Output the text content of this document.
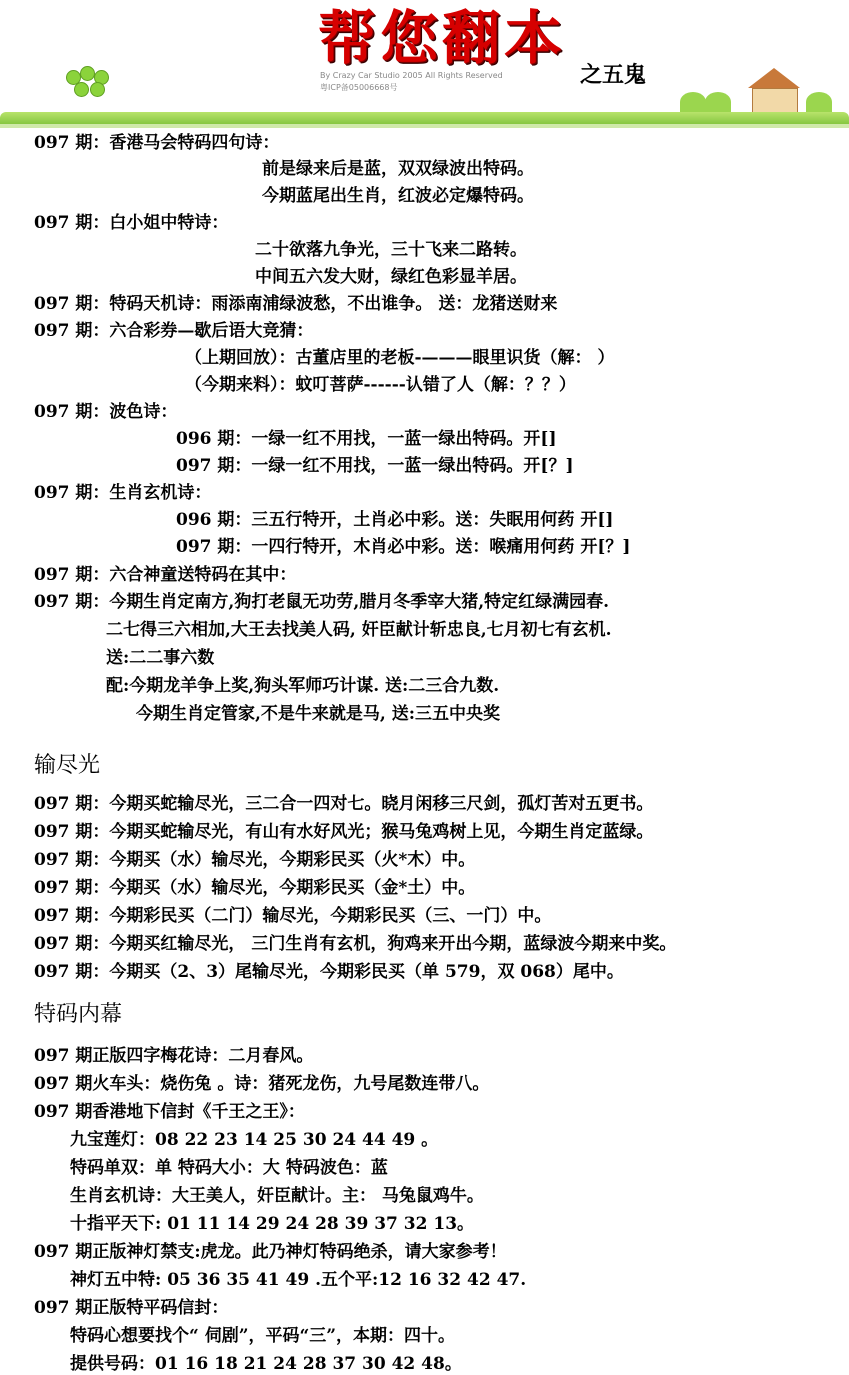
帮您翻本
之五鬼
By Crazy Car Studio 2005 All Rights Reserved
粤ICP备05006668号
097 期：香港马会特码四句诗：
前是绿来后是蓝，双双绿波出特码。
今期蓝尾出生肖，红波必定爆特码。
097 期：白小姐中特诗：
二十欲落九争光，三十飞来二路转。
中间五六发大财，绿红色彩显羊居。
097 期：特码天机诗：雨添南浦绿波愁，不出谁争。 送：龙猪送财来
097 期：六合彩券—歇后语大竞猜：
（上期回放）：古董店里的老板-———眼里识货（解： ）
（今期来料）：蚊叮菩萨------认错了人（解：？？）
097 期：波色诗：
096 期：一绿一红不用找，一蓝一绿出特码。开[]
097 期：一绿一红不用找，一蓝一绿出特码。开[？]
097 期：生肖玄机诗：
096 期：三五行特开，土肖必中彩。送：失眠用何药 开[]
097 期：一四行特开，木肖必中彩。送：喉痛用何药 开[？]
097 期：六合神童送特码在其中：
097 期：今期生肖定南方,狗打老鼠无功劳,腊月冬季宰大猪,特定红绿满园春.
二七得三六相加,大王去找美人码, 奸臣献计斩忠良,七月初七有玄机.
送:二二事六数
配:今期龙羊争上奖,狗头军师巧计谋. 送:二三合九数.
今期生肖定管家,不是牛来就是马, 送:三五中央奖
097 期：今期买蛇输尽光，三二合一四对七。晓月闲移三尺剑，孤灯苦对五更书。
097 期：今期买蛇输尽光，有山有水好风光；猴马兔鸡树上见，今期生肖定蓝绿。
097 期：今期买（水）输尽光，今期彩民买（火*木）中。
097 期：今期买（水）输尽光，今期彩民买（金*土）中。
097 期：今期彩民买（二门）输尽光，今期彩民买（三、一门）中。
097 期：今期买红输尽光， 三门生肖有玄机，狗鸡来开出今期，蓝绿波今期来中奖。
097 期：今期买（2、3）尾输尽光，今期彩民买（单 579，双 068）尾中。
097 期正版四字梅花诗：二月春风。
097 期火车头：烧伤兔 。诗：猪死龙伤，九号尾数连带八。
097 期香港地下信封《千王之王》：
九宝莲灯：08 22 23 14 25 30 24 44 49 。
特码单双：单 特码大小：大 特码波色：蓝
生肖玄机诗：大王美人，奸臣献计。主： 马兔鼠鸡牛。
十指平天下: 01 11 14 29 24 28 39 37 32 13。
097 期正版神灯禁支:虎龙。此乃神灯特码绝杀，请大家参考！
神灯五中特: 05 36 35 41 49 .五个平:12 16 32 42 47.
097 期正版特平码信封：
特码心想要找个“ 伺剧”，平码“三”，本期：四十。
提供号码：01 16 18 21 24 28 37 30 42 48。
输尽光
特码内幕
